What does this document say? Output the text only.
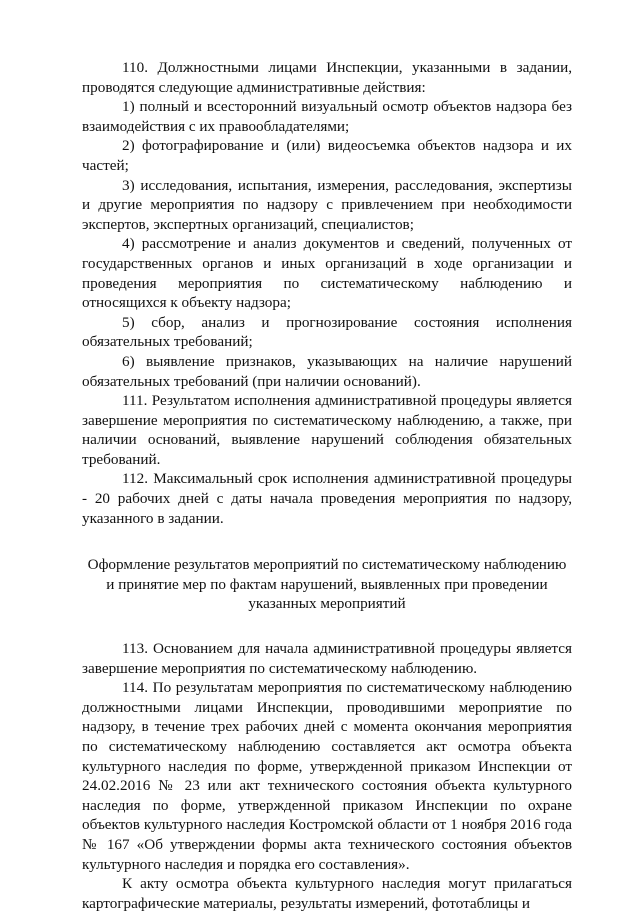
110. Должностными лицами Инспекции, указанными в задании, проводятся следующие административные действия:

1) полный и всесторонний визуальный осмотр объектов надзора без взаимодействия с их правообладателями;

2) фотографирование и (или) видеосъемка объектов надзора и их частей;

3) исследования, испытания, измерения, расследования, экспертизы и другие мероприятия по надзору с привлечением при необходимости экспертов, экспертных организаций, специалистов;

4) рассмотрение и анализ документов и сведений, полученных от государственных органов и иных организаций в ходе организации и проведения мероприятия по систематическому наблюдению и относящихся к объекту надзора;

5) сбор, анализ и прогнозирование состояния исполнения обязательных требований;

6) выявление признаков, указывающих на наличие нарушений обязательных требований (при наличии оснований).

111. Результатом исполнения административной процедуры является завершение мероприятия по систематическому наблюдению, а также, при наличии оснований, выявление нарушений соблюдения обязательных требований.

112. Максимальный срок исполнения административной процедуры - 20 рабочих дней с даты начала проведения мероприятия по надзору, указанного в задании.

Оформление результатов мероприятий по систематическому наблюдению
и принятие мер по фактам нарушений, выявленных при проведении
указанных мероприятий

113. Основанием для начала административной процедуры является завершение мероприятия по систематическому наблюдению.

114. По результатам мероприятия по систематическому наблюдению должностными лицами Инспекции, проводившими мероприятие по надзору, в течение трех рабочих дней с момента окончания мероприятия по систематическому наблюдению составляется акт осмотра объекта культурного наследия по форме, утвержденной приказом Инспекции от 24.02.2016 № 23 или акт технического состояния объекта культурного наследия по форме, утвержденной приказом Инспекции по охране объектов культурного наследия Костромской области от 1 ноября 2016 года № 167 «Об утверждении формы акта технического состояния объектов культурного наследия и порядка его составления».

К акту осмотра объекта культурного наследия могут прилагаться картографические материалы, результаты измерений, фототаблицы и
